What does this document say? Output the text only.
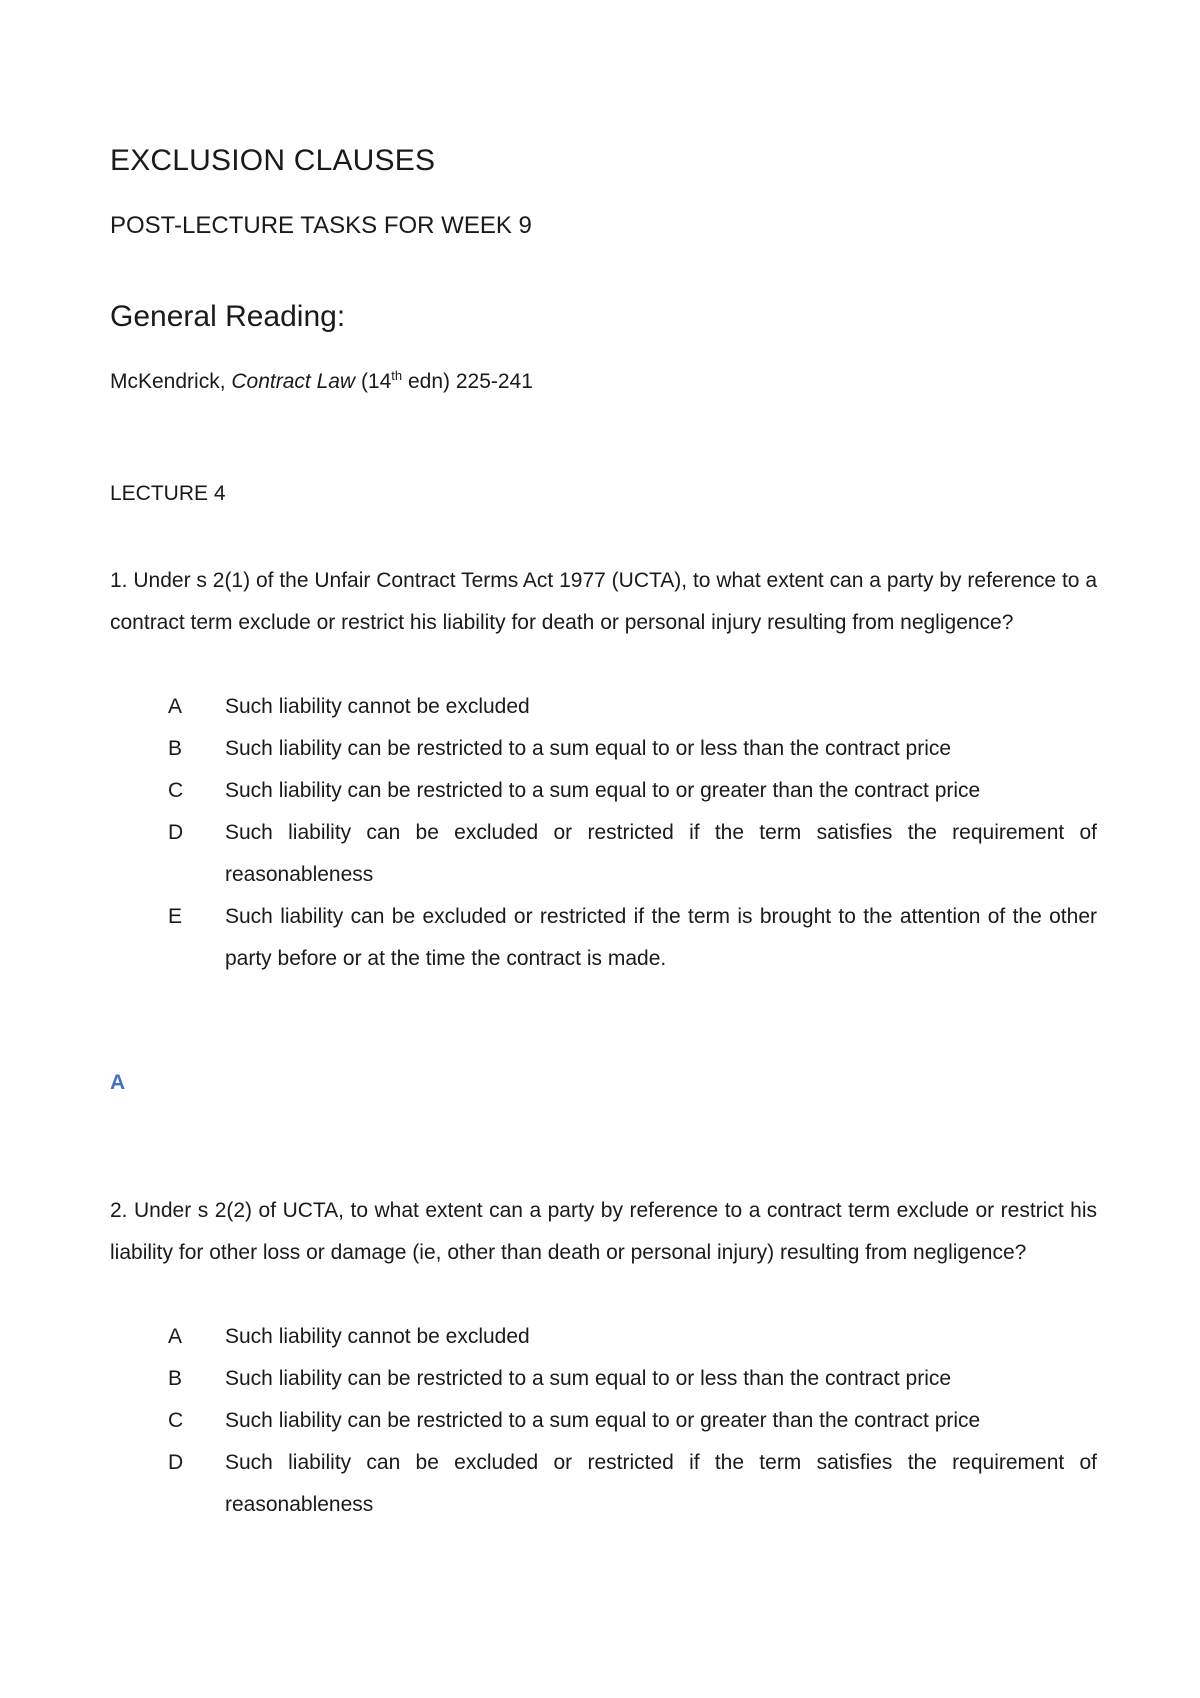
EXCLUSION CLAUSES
POST-LECTURE TASKS FOR WEEK 9
General Reading:

McKendrick, Contract Law (14th edn) 225-241

LECTURE 4

1. Under s 2(1) of the Unfair Contract Terms Act 1977 (UCTA), to what extent can a party by reference to a contract term exclude or restrict his liability for death or personal injury resulting from negligence?

A	Such liability cannot be excluded
B	Such liability can be restricted to a sum equal to or less than the contract price
C	Such liability can be restricted to a sum equal to or greater than the contract price
D	Such liability can be excluded or restricted if the term satisfies the requirement of reasonableness
E	Such liability can be excluded or restricted if the term is brought to the attention of the other party before or at the time the contract is made.

A

2. Under s 2(2) of UCTA, to what extent can a party by reference to a contract term exclude or restrict his liability for other loss or damage (ie, other than death or personal injury) resulting from negligence?

A	Such liability cannot be excluded
B	Such liability can be restricted to a sum equal to or less than the contract price
C	Such liability can be restricted to a sum equal to or greater than the contract price
D	Such liability can be excluded or restricted if the term satisfies the requirement of reasonableness
